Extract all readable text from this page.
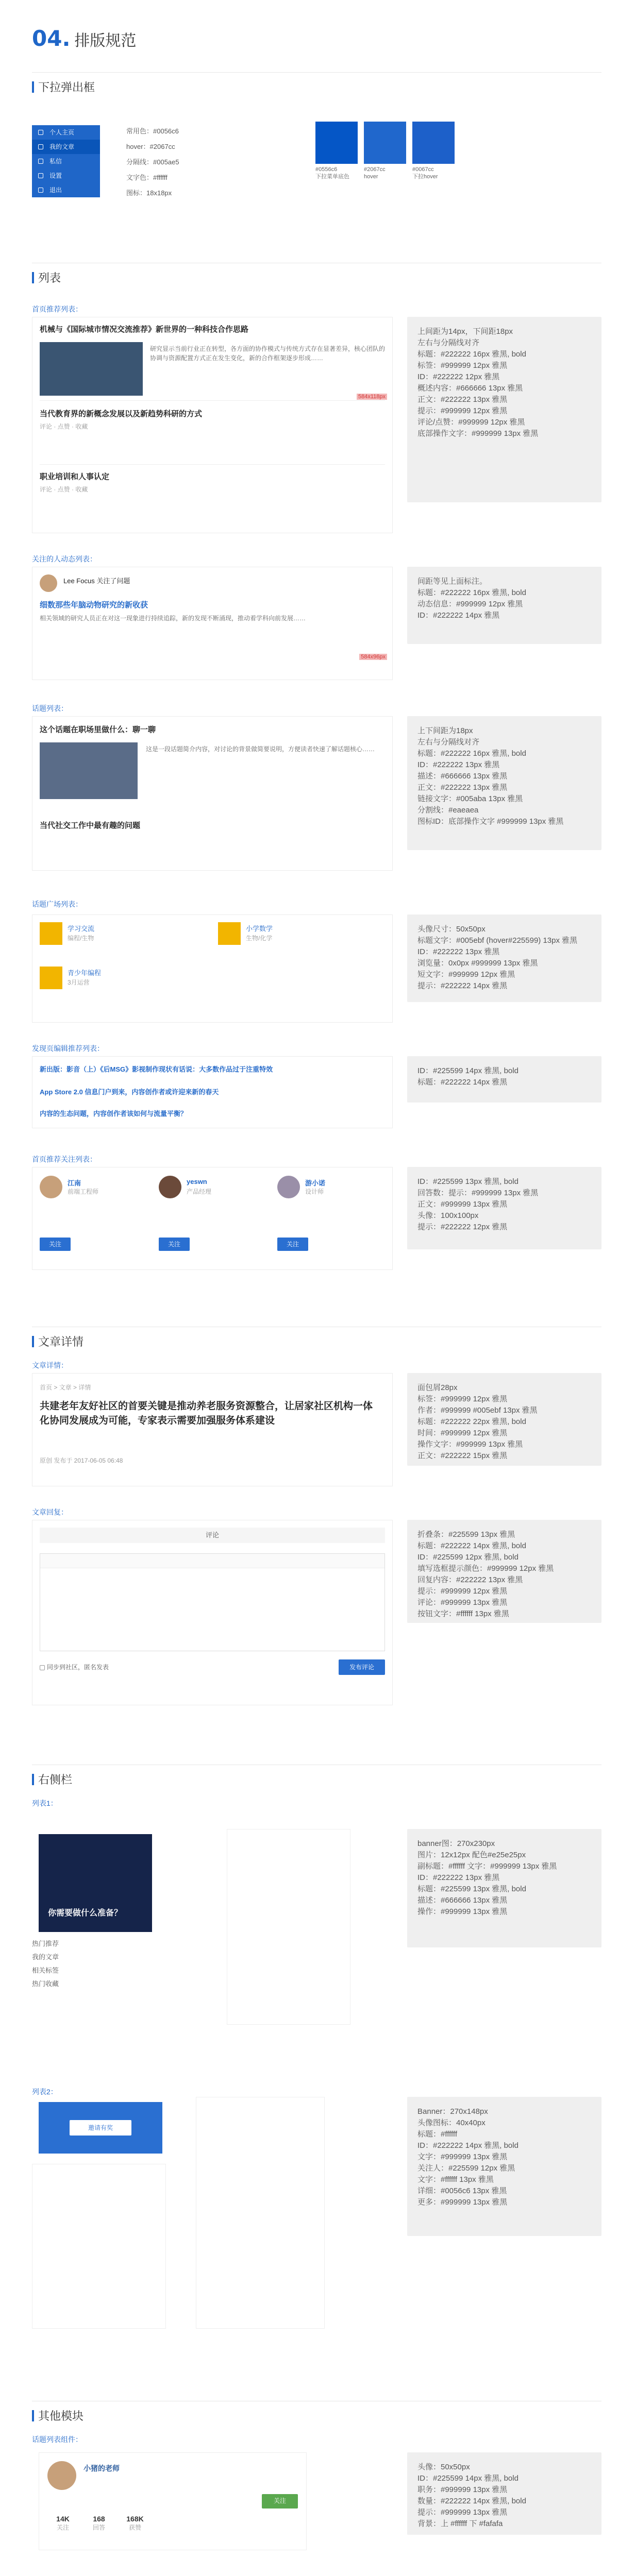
04. 排版规范
下拉弹出框
个人主页
我的文章
私信
设置
退出

常用色：#0056c6

hover：#2067cc

分隔线：#005ae5

文字色：#ffffff

图标：18x18px

#0556c6
下拉菜单底色
#2067cc
hover
#0067cc
下拉hover
列表
首页推荐列表：
机械与《国际城市情况交流推荐》新世界的一种科技合作思路
研究显示当前行业正在转型，各方面的协作模式与传统方式存在显著差异，核心团队的协调与资源配置方式正在发生变化，新的合作框架逐步形成……
当代教育界的新概念发展以及新趋势科研的方式
评论 · 点赞 · 收藏
职业培训和人事认定
评论 · 点赞 · 收藏
584x118px

上间距为14px，下间距18px

左右与分隔线对齐

标题：#222222 16px 雅黑, bold

标签：#999999 12px 雅黑

ID：#222222 12px 雅黑

概述内容：#666666 13px 雅黑

正文：#222222 13px 雅黑

提示：#999999 12px 雅黑

评论/点赞：#999999 12px 雅黑

底部操作文字：#999999 13px 雅黑

关注的人动态列表：
Lee Focus 关注了问题
细数那些年脑动物研究的新收获
相关领域的研究人员正在对这一现象进行持续追踪，新的发现不断涌现，推动着学科向前发展……
584x96px

间距等见上面标注。

标题：#222222 16px 雅黑, bold

动态信息：#999999 12px 雅黑

ID：#222222 14px 雅黑

话题列表：
这个话题在职场里做什么：聊一聊
这是一段话题简介内容，对讨论的背景做简要说明，方便读者快速了解话题核心……
当代社交工作中最有趣的问题

上下间距为18px

左右与分隔线对齐

标题：#222222 16px 雅黑, bold

ID：#222222 13px 雅黑

描述：#666666 13px 雅黑

正文：#222222 13px 雅黑

链接文字：#005aba 13px 雅黑

分割线：#eaeaea

图标ID：底部操作文字 #999999 13px 雅黑

话题广场列表：
学习交流
编程/生物
小学数学
生物/化学
青少年编程
3月运营

头像尺寸：50x50px

标题文字：#005ebf (hover#225599) 13px 雅黑

ID：#222222 13px 雅黑

浏览量：0x0px #999999 13px 雅黑

短文字：#999999 12px 雅黑

提示：#222222 14px 雅黑

发现页编辑推荐列表：
新出版：影音（上）《后MSG》影视制作现状有话说：大多数作品过于注重特效
App Store 2.0 信息门户到来，内容创作者或许迎来新的春天
内容的生态问题，内容创作者该如何与流量平衡？

ID：#225599 14px 雅黑, bold

标题：#222222 14px 雅黑

首页推荐关注列表：
江南
前端工程师
关注
yeswn
产品经理
关注
游小诺
设计师
关注

ID：#225599 13px 雅黑, bold

回答数：提示：#999999 13px 雅黑

正文：#999999 13px 雅黑

头像：100x100px

提示：#222222 12px 雅黑

文章详情
文章详情：
首页 > 文章 > 详情
共建老年友好社区的首要关键是推动养老服务资源整合，让居家社区机构一体化协同发展成为可能，专家表示需要加强服务体系建设
原创 发布于 2017-06-05 06:48

面包屑28px

标签：#999999 12px 雅黑

作者：#999999 #005ebf 13px 雅黑

标题：#222222 22px 雅黑, bold

时间：#999999 12px 雅黑

操作文字：#999999 13px 雅黑

正文：#222222 15px 雅黑

文章回复：
评论
同步到社区，匿名发表	发布评论

折叠条：#225599 13px 雅黑

标题：#222222 14px 雅黑, bold

ID：#225599 12px 雅黑, bold

填写选框提示颜色：#999999 12px 雅黑

回复内容：#222222 13px 雅黑

提示：#999999 12px 雅黑

评论：#999999 13px 雅黑

按钮文字：#ffffff 13px 雅黑

右侧栏
列表1：
你需要做什么准备？
热门推荐
我的文章
相关标签
热门收藏

banner图：270x230px

图片：12x12px 配色#e25e25px

副标题：#ffffff 文字：#999999 13px 雅黑

ID：#222222 13px 雅黑

标题：#225599 13px 雅黑, bold

描述：#666666 13px 雅黑

操作：#999999 13px 雅黑

列表2：
邀请有奖

Banner：270x148px

头像图标：40x40px

标题：#ffffff

ID：#222222 14px 雅黑, bold

文字：#999999 13px 雅黑

关注人：#225599 12px 雅黑

文字：#ffffff 13px 雅黑

详细：#0056c6 13px 雅黑

更多：#999999 13px 雅黑

其他模块
话题列表组件：
小猪的老师
14K
关注
168
回答
168K
获赞
关注

头像：50x50px

ID：#225599 14px 雅黑, bold

职务：#999999 13px 雅黑

数量：#222222 14px 雅黑, bold

提示：#999999 13px 雅黑

背景：上 #ffffff 下 #fafafa
